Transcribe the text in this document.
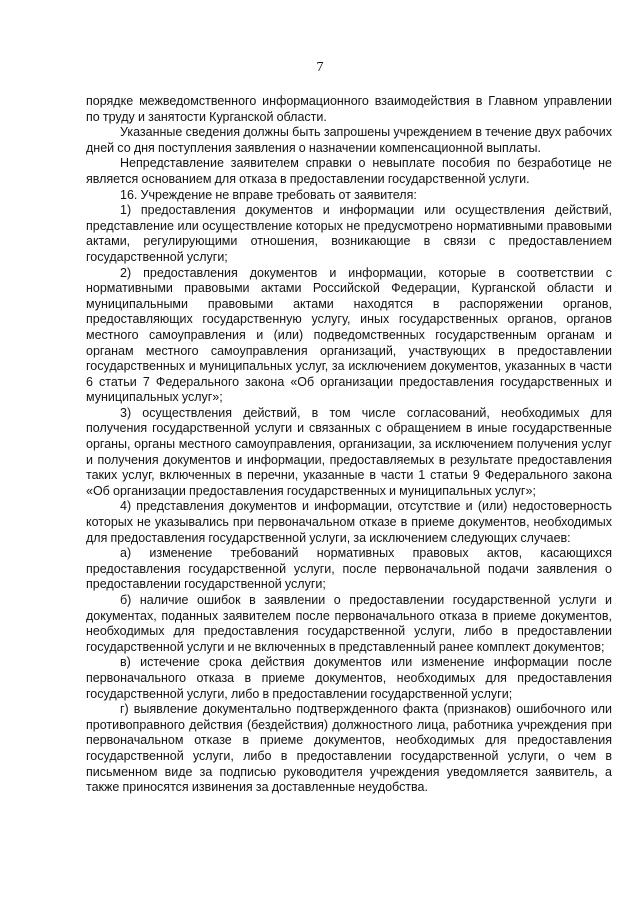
7

порядке межведомственного информационного взаимодействия в Главном управлении по труду и занятости Курганской области.

Указанные сведения должны быть запрошены учреждением в течение двух рабочих дней со дня поступления заявления о назначении компенсационной выплаты.

Непредставление заявителем справки о невыплате пособия по безработице не является основанием для отказа в предоставлении государственной услуги.

16. Учреждение не вправе требовать от заявителя:

1) предоставления документов и информации или осуществления действий, представление или осуществление которых не предусмотрено нормативными правовыми актами, регулирующими отношения, возникающие в связи с предоставлением государственной услуги;

2) предоставления документов и информации, которые в соответствии с нормативными правовыми актами Российской Федерации, Курганской области и муниципальными правовыми актами находятся в распоряжении органов, предоставляющих государственную услугу, иных государственных органов, органов местного самоуправления и (или) подведомственных государственным органам и органам местного самоуправления организаций, участвующих в предоставлении государственных и муниципальных услуг, за исключением документов, указанных в части 6 статьи 7 Федерального закона «Об организации предоставления государственных и муниципальных услуг»;

3) осуществления действий, в том числе согласований, необходимых для получения государственной услуги и связанных с обращением в иные государственные органы, органы местного самоуправления, организации, за исключением получения услуг и получения документов и информации, предоставляемых в результате предоставления таких услуг, включенных в перечни, указанные в части 1 статьи 9 Федерального закона «Об организации предоставления государственных и муниципальных услуг»;

4) представления документов и информации, отсутствие и (или) недостоверность которых не указывались при первоначальном отказе в приеме документов, необходимых для предоставления государственной услуги, за исключением следующих случаев:

а) изменение требований нормативных правовых актов, касающихся предоставления государственной услуги, после первоначальной подачи заявления о предоставлении государственной услуги;

б) наличие ошибок в заявлении о предоставлении государственной услуги и документах, поданных заявителем после первоначального отказа в приеме документов, необходимых для предоставления государственной услуги, либо в предоставлении государственной услуги и не включенных в представленный ранее комплект документов;

в) истечение срока действия документов или изменение информации после первоначального отказа в приеме документов, необходимых для предоставления государственной услуги, либо в предоставлении государственной услуги;

г) выявление документально подтвержденного факта (признаков) ошибочного или противоправного действия (бездействия) должностного лица, работника учреждения при первоначальном отказе в приеме документов, необходимых для предоставления государственной услуги, либо в предоставлении государственной услуги, о чем в письменном виде за подписью руководителя учреждения уведомляется заявитель, а также приносятся извинения за доставленные неудобства.
